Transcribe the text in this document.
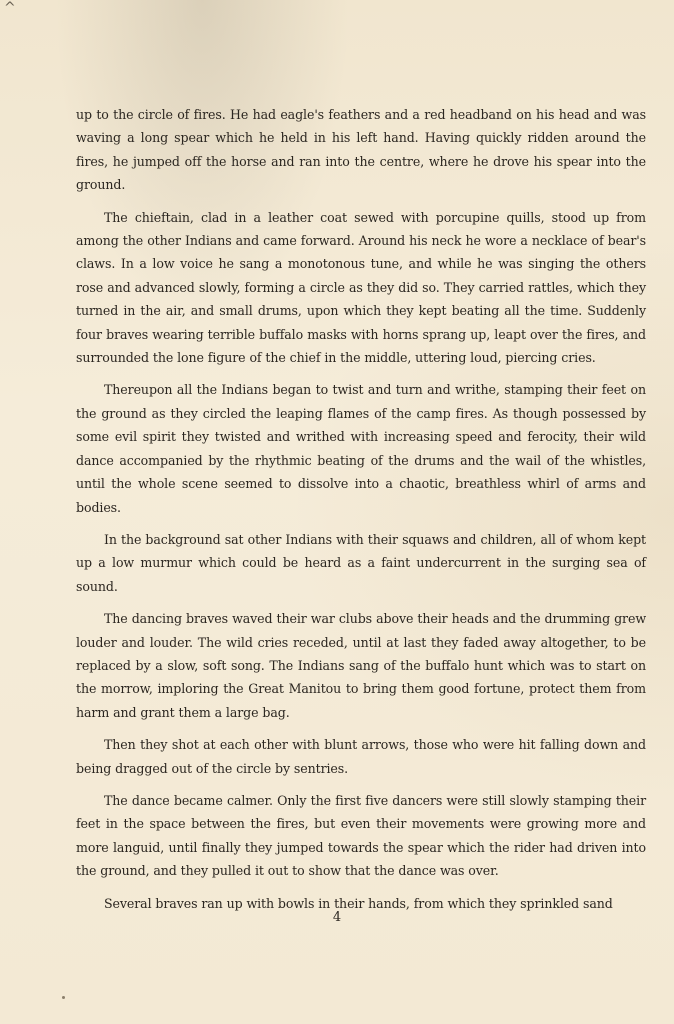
^

up to the circle of fires. He had eagle's feathers and a red headband on his head and was waving a long spear which he held in his left hand. Having quickly ridden around the fires, he jumped off the horse and ran into the centre, where he drove his spear into the ground.

The chieftain, clad in a leather coat sewed with porcupine quills, stood up from among the other Indians and came forward. Around his neck he wore a necklace of bear's claws. In a low voice he sang a monotonous tune, and while he was singing the others rose and advanced slowly, forming a circle as they did so. They carried rattles, which they turned in the air, and small drums, upon which they kept beating all the time. Suddenly four braves wearing terrible buffalo masks with horns sprang up, leapt over the fires, and surrounded the lone figure of the chief in the middle, uttering loud, piercing cries.

Thereupon all the Indians began to twist and turn and writhe, stamping their feet on the ground as they circled the leaping flames of the camp fires. As though possessed by some evil spirit they twisted and writhed with increasing speed and ferocity, their wild dance accompanied by the rhythmic beating of the drums and the wail of the whistles, until the whole scene seemed to dissolve into a chaotic, breathless whirl of arms and bodies.

In the background sat other Indians with their squaws and children, all of whom kept up a low murmur which could be heard as a faint undercurrent in the surging sea of sound.

The dancing braves waved their war clubs above their heads and the drumming grew louder and louder. The wild cries receded, until at last they faded away altogether, to be replaced by a slow, soft song. The Indians sang of the buffalo hunt which was to start on the morrow, imploring the Great Manitou to bring them good fortune, protect them from harm and grant them a large bag.

Then they shot at each other with blunt arrows, those who were hit falling down and being dragged out of the circle by sentries.

The dance became calmer. Only the first five dancers were still slowly stamping their feet in the space between the fires, but even their movements were growing more and more languid, until finally they jumped towards the spear which the rider had driven into the ground, and they pulled it out to show that the dance was over.

Several braves ran up with bowls in their hands, from which they sprinkled sand

4
